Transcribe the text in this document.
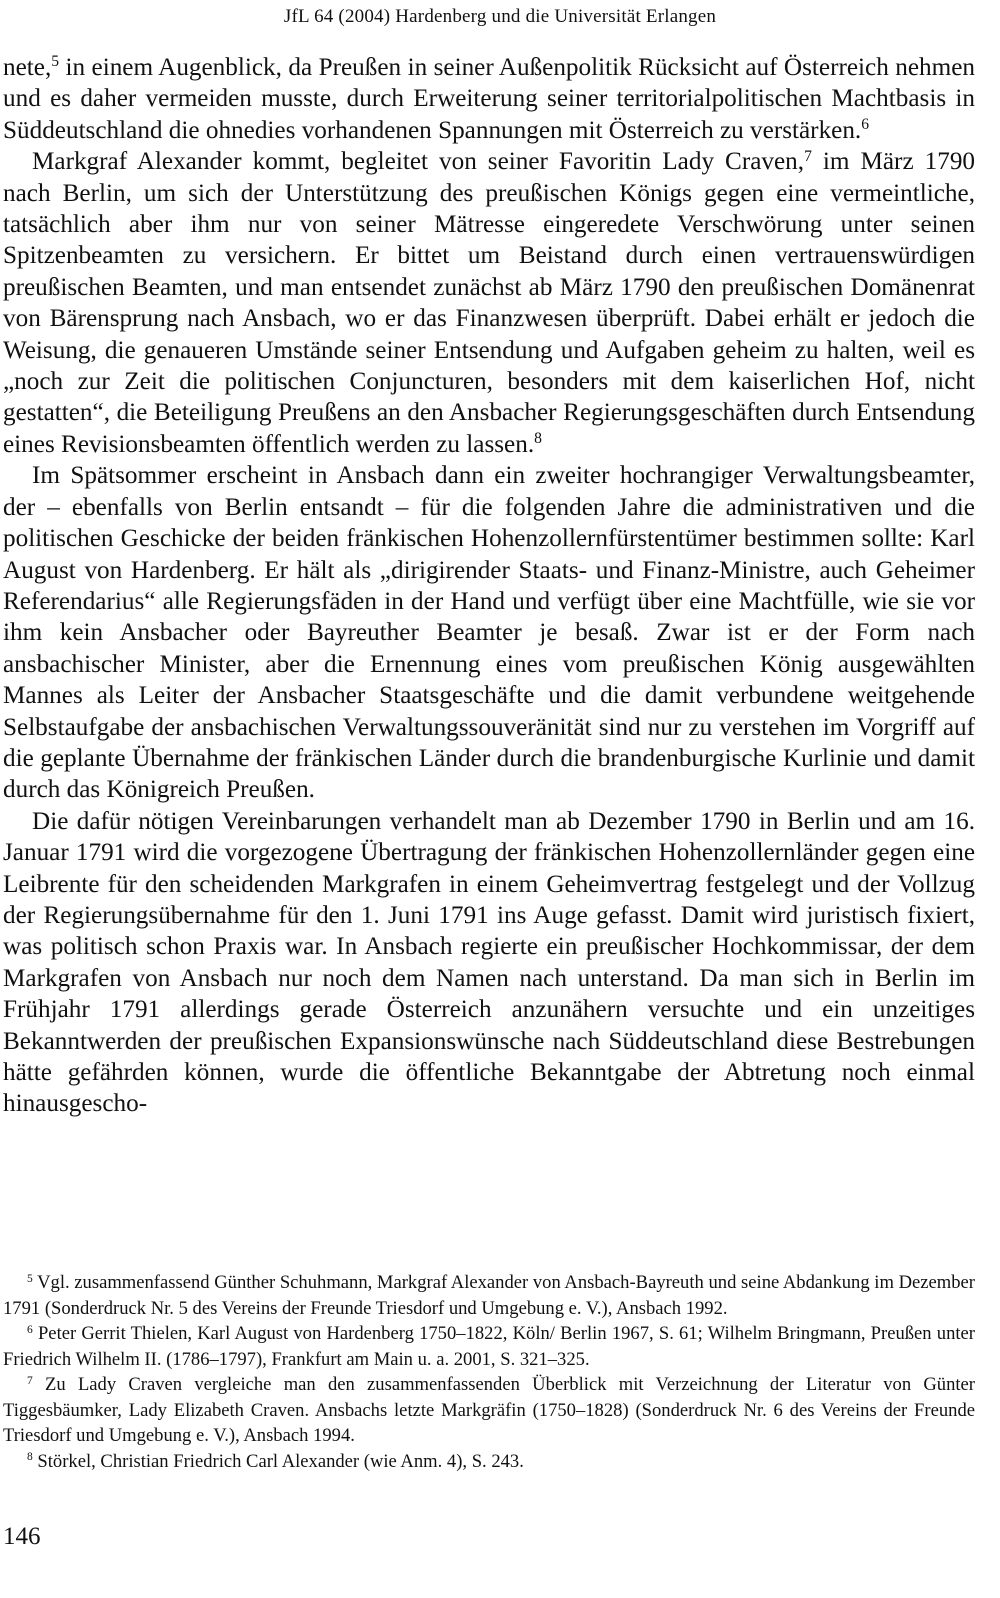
JfL 64 (2004) Hardenberg und die Universität Erlangen

nete,$^5$ in einem Augenblick, da Preußen in seiner Außenpolitik Rücksicht auf Österreich nehmen und es daher vermeiden musste, durch Erweiterung seiner territorialpolitischen Machtbasis in Süddeutschland die ohnedies vorhandenen Spannungen mit Österreich zu verstärken.$^6$

Markgraf Alexander kommt, begleitet von seiner Favoritin Lady Craven,$^7$ im März 1790 nach Berlin, um sich der Unterstützung des preußischen Königs gegen eine vermeintliche, tatsächlich aber ihm nur von seiner Mätresse eingeredete Verschwörung unter seinen Spitzenbeamten zu versichern. Er bittet um Beistand durch einen vertrauenswürdigen preußischen Beamten, und man entsendet zunächst ab März 1790 den preußischen Domänenrat von Bärensprung nach Ansbach, wo er das Finanzwesen überprüft. Dabei erhält er jedoch die Weisung, die genaueren Umstände seiner Entsendung und Aufgaben geheim zu halten, weil es „noch zur Zeit die politischen Conjuncturen, besonders mit dem kaiserlichen Hof, nicht gestatten“, die Beteiligung Preußens an den Ansbacher Regierungsgeschäften durch Entsendung eines Revisionsbeamten öffentlich werden zu lassen.$^8$

Im Spätsommer erscheint in Ansbach dann ein zweiter hochrangiger Verwaltungsbeamter, der – ebenfalls von Berlin entsandt – für die folgenden Jahre die administrativen und die politischen Geschicke der beiden fränkischen Hohenzollernfürstentümer bestimmen sollte: Karl August von Hardenberg. Er hält als „dirigirender Staats- und Finanz-Ministre, auch Geheimer Referendarius“ alle Regierungsfäden in der Hand und verfügt über eine Machtfülle, wie sie vor ihm kein Ansbacher oder Bayreuther Beamter je besaß. Zwar ist er der Form nach ansbachischer Minister, aber die Ernennung eines vom preußischen König ausgewählten Mannes als Leiter der Ansbacher Staatsgeschäfte und die damit verbundene weitgehende Selbstaufgabe der ansbachischen Verwaltungssouveränität sind nur zu verstehen im Vorgriff auf die geplante Übernahme der fränkischen Länder durch die brandenburgische Kurlinie und damit durch das Königreich Preußen.

Die dafür nötigen Vereinbarungen verhandelt man ab Dezember 1790 in Berlin und am 16. Januar 1791 wird die vorgezogene Übertragung der fränkischen Hohenzollernländer gegen eine Leibrente für den scheidenden Markgrafen in einem Geheimvertrag festgelegt und der Vollzug der Regierungsübernahme für den 1. Juni 1791 ins Auge gefasst. Damit wird juristisch fixiert, was politisch schon Praxis war. In Ansbach regierte ein preußischer Hochkommissar, der dem Markgrafen von Ansbach nur noch dem Namen nach unterstand. Da man sich in Berlin im Frühjahr 1791 allerdings gerade Österreich anzunähern versuchte und ein unzeitiges Bekanntwerden der preußischen Expansionswünsche nach Süddeutschland diese Bestrebungen hätte gefährden können, wurde die öffentliche Bekanntgabe der Abtretung noch einmal hinausgescho-

$^5$ Vgl. zusammenfassend Günther Schuhmann, Markgraf Alexander von Ansbach-Bayreuth und seine Abdankung im Dezember 1791 (Sonderdruck Nr. 5 des Vereins der Freunde Triesdorf und Umgebung e. V.), Ansbach 1992.

$^6$ Peter Gerrit Thielen, Karl August von Hardenberg 1750–1822, Köln/ Berlin 1967, S. 61; Wilhelm Bringmann, Preußen unter Friedrich Wilhelm II. (1786–1797), Frankfurt am Main u. a. 2001, S. 321–325.

$^7$ Zu Lady Craven vergleiche man den zusammenfassenden Überblick mit Verzeichnung der Literatur von Günter Tiggesbäumker, Lady Elizabeth Craven. Ansbachs letzte Markgräfin (1750–1828) (Sonderdruck Nr. 6 des Vereins der Freunde Triesdorf und Umgebung e. V.), Ansbach 1994.

$^8$ Störkel, Christian Friedrich Carl Alexander (wie Anm. 4), S. 243.

146
